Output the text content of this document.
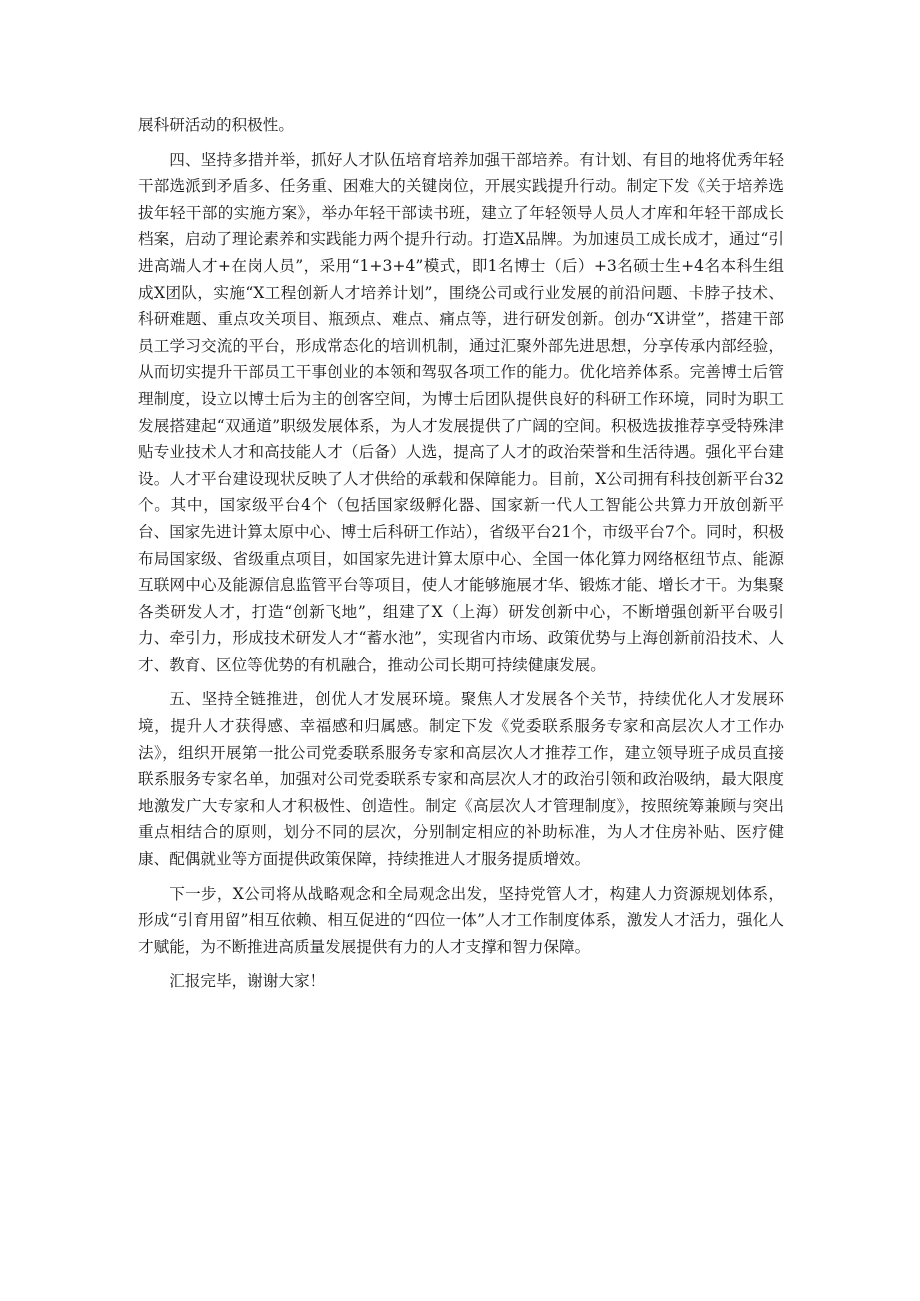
展科研活动的积极性。

四、坚持多措并举，抓好人才队伍培育培养加强干部培养。有计划、有目的地将优秀年轻干部选派到矛盾多、任务重、困难大的关键岗位，开展实践提升行动。制定下发《关于培养选拔年轻干部的实施方案》，举办年轻干部读书班，建立了年轻领导人员人才库和年轻干部成长档案，启动了理论素养和实践能力两个提升行动。打造X品牌。为加速员工成长成才，通过“引进高端人才+在岗人员”，采用“1+3+4”模式，即1名博士（后）+3名硕士生+4名本科生组成X团队，实施“X工程创新人才培养计划”，围绕公司或行业发展的前沿问题、卡脖子技术、科研难题、重点攻关项目、瓶颈点、难点、痛点等，进行研发创新。创办“X讲堂”，搭建干部员工学习交流的平台，形成常态化的培训机制，通过汇聚外部先进思想，分享传承内部经验，从而切实提升干部员工干事创业的本领和驾驭各项工作的能力。优化培养体系。完善博士后管理制度，设立以博士后为主的创客空间，为博士后团队提供良好的科研工作环境，同时为职工发展搭建起“双通道”职级发展体系，为人才发展提供了广阔的空间。积极选拔推荐享受特殊津贴专业技术人才和高技能人才（后备）人选，提高了人才的政治荣誉和生活待遇。强化平台建设。人才平台建设现状反映了人才供给的承载和保障能力。目前，X公司拥有科技创新平台32个。其中，国家级平台4个（包括国家级孵化器、国家新一代人工智能公共算力开放创新平台、国家先进计算太原中心、博士后科研工作站），省级平台21个，市级平台7个。同时，积极布局国家级、省级重点项目，如国家先进计算太原中心、全国一体化算力网络枢纽节点、能源互联网中心及能源信息监管平台等项目，使人才能够施展才华、锻炼才能、增长才干。为集聚各类研发人才，打造“创新飞地”，组建了X（上海）研发创新中心，不断增强创新平台吸引力、牵引力，形成技术研发人才“蓄水池”，实现省内市场、政策优势与上海创新前沿技术、人才、教育、区位等优势的有机融合，推动公司长期可持续健康发展。

五、坚持全链推进，创优人才发展环境。聚焦人才发展各个关节，持续优化人才发展环境，提升人才获得感、幸福感和归属感。制定下发《党委联系服务专家和高层次人才工作办法》，组织开展第一批公司党委联系服务专家和高层次人才推荐工作，建立领导班子成员直接联系服务专家名单，加强对公司党委联系专家和高层次人才的政治引领和政治吸纳，最大限度地激发广大专家和人才积极性、创造性。制定《高层次人才管理制度》，按照统筹兼顾与突出重点相结合的原则，划分不同的层次，分别制定相应的补助标准，为人才住房补贴、医疗健康、配偶就业等方面提供政策保障，持续推进人才服务提质增效。

下一步，X公司将从战略观念和全局观念出发，坚持党管人才，构建人力资源规划体系，形成“引育用留”相互依赖、相互促进的“四位一体”人才工作制度体系，激发人才活力，强化人才赋能，为不断推进高质量发展提供有力的人才支撑和智力保障。

汇报完毕，谢谢大家！
